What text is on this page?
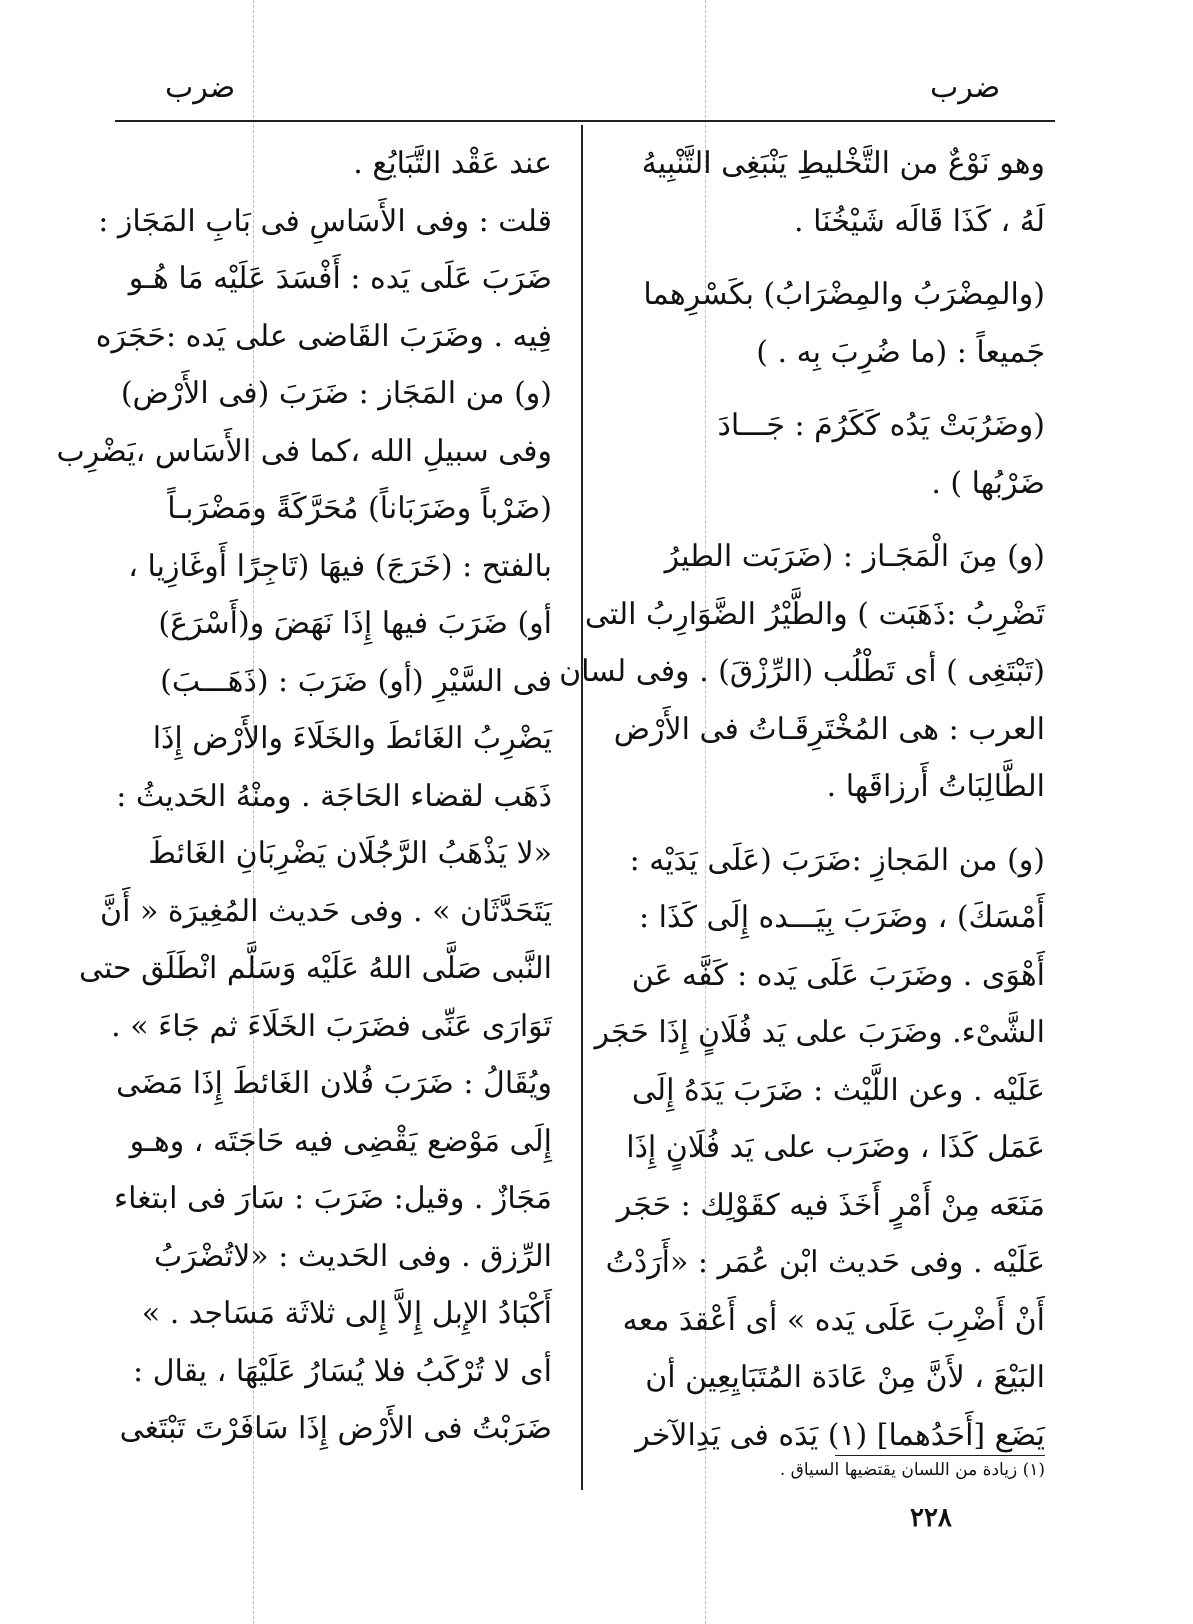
ضرب
ضرب
وهو نَوْعٌ من التَّخْليطِ يَنْبَغِى التَّنْبِيهُ
لَهُ ، كَذَا قَالَه شَيْخُنَا .
(والمِضْرَبُ والمِضْرَابُ) بكَسْرِهما
جَميعاً : (ما ضُرِبَ بِه . )
(وضَرُبَتْ يَدُه كَكَرُمَ : جَـــادَ
ضَرْبُها ) .
(و) مِنَ الْمَجَـاز : (ضَرَبَت الطيرُ
تَضْرِبُ :ذَهَبَت ) والطَّيْرُ الضَّوَارِبُ التى
(تَبْتَغِى ) أى تَطْلُب (الرِّزْقَ) . وفى لسان
العرب : هى المُخْتَرِقَـاتُ فى الأَرْض
الطَّالِبَاتُ أَرزاقَها .
(و) من المَجازِ :ضَرَبَ (عَلَى يَدَيْه :
أَمْسَكَ) ، وضَرَبَ بِيَـــده إِلَى كَذَا :
أَهْوَى . وضَرَبَ عَلَى يَده : كَفَّه عَن
الشَّىْء. وضَرَبَ على يَد فُلَانٍ إِذَا حَجَر
عَلَيْه . وعن اللَّيْث : ضَرَبَ يَدَهُ إِلَى
عَمَل كَذَا ، وضَرَب على يَد فُلَانٍ إِذَا
مَنَعَه مِنْ أَمْرٍ أَخَذَ فيه كقَوْلِك : حَجَر
عَلَيْه . وفى حَديث ابْن عُمَر : «أَرَدْتُ
أَنْ أَضْرِبَ عَلَى يَده » أى أَعْقدَ معه
البَيْعَ ، لأَنَّ مِنْ عَادَة المُتَبَايِعِين أن
يَضَع [أَحَدُهما] (١) يَدَه فى يَدِالآخر
عند عَقْد التَّبَايُع .
قلت : وفى الأَسَاسِ فى بَابِ المَجَاز :
ضَرَبَ عَلَى يَده : أَفْسَدَ عَلَيْه مَا هُـو
فِيه . وضَرَبَ القَاضى على يَده :حَجَرَه
(و) من المَجَاز : ضَرَبَ (فى الأَرْض)
وفى سبيلِ الله ،كما فى الأَسَاس ،يَضْرِب
(ضَرْباً وضَرَبَاناً) مُحَرَّكَةً ومَضْرَبـاً
بالفتح : (خَرَجَ) فيهَا (تَاجِرًا أَوغَازِيا ،
أو) ضَرَبَ فيها إِذَا نَهَضَ و(أَسْرَعَ)
فى السَّيْرِ (أو) ضَرَبَ : (ذَهَـــبَ)
يَضْرِبُ الغَائطَ والخَلَاءَ والأَرْض إِذَا
ذَهَب لقضاء الحَاجَة . ومنْهُ الحَديثُ :
«لا يَذْهَبُ الرَّجُلَان يَضْرِبَانِ الغَائطَ
يَتَحَدَّثَان » . وفى حَديث المُغِيرَة « أَنَّ
النَّبى صَلَّى اللهُ عَلَيْه وَسَلَّم انْطَلَق حتى
تَوَارَى عَنِّى فضَرَبَ الخَلَاءَ ثم جَاءَ » .
ويُقَالُ : ضَرَبَ فُلان الغَائطَ إِذَا مَضَى
إِلَى مَوْضع يَقْضِى فيه حَاجَتَه ، وهـو
مَجَازٌ . وقيل: ضَرَبَ : سَارَ فى ابتغاء
الرِّزق . وفى الحَديث : «لاتُضْرَبُ
أَكْبَادُ الإِبل إِلاَّ إِلى ثلاثَة مَسَاجد . »
أى لا تُرْكَبُ فلا يُسَارُ عَلَيْهَا ، يقال :
ضَرَبْتُ فى الأَرْض إِذَا سَافَرْتَ تَبْتَغى
(١) زيادة من اللسان يقتضيها السياق .
٢٢٨
